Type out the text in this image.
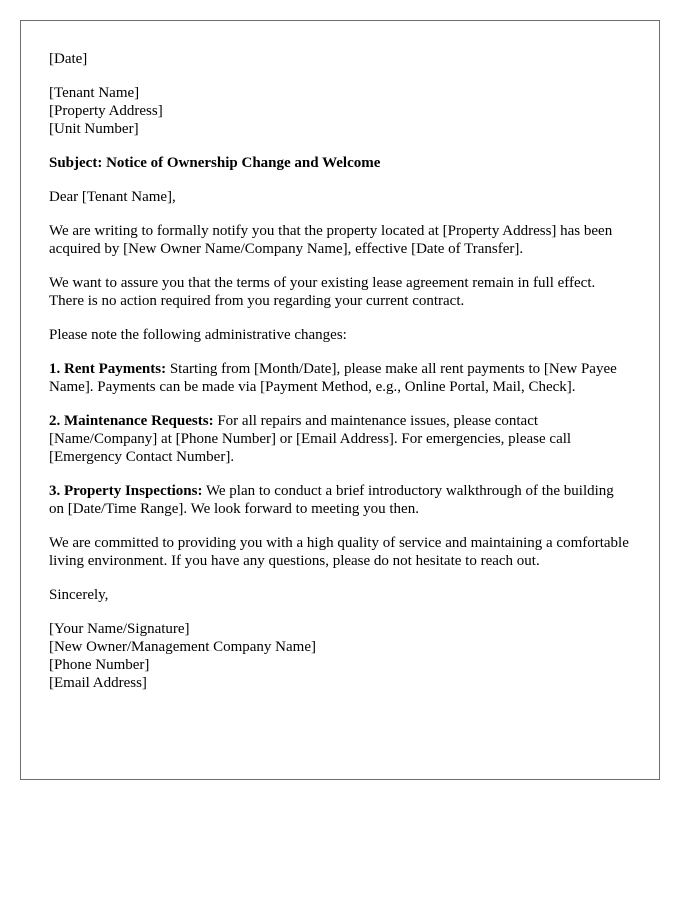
[Date]

[Tenant Name]
[Property Address]
[Unit Number]

Subject: Notice of Ownership Change and Welcome

Dear [Tenant Name],

We are writing to formally notify you that the property located at [Property Address] has been acquired by [New Owner Name/Company Name], effective [Date of Transfer].

We want to assure you that the terms of your existing lease agreement remain in full effect. There is no action required from you regarding your current contract.

Please note the following administrative changes:

1. Rent Payments: Starting from [Month/Date], please make all rent payments to [New Payee Name]. Payments can be made via [Payment Method, e.g., Online Portal, Mail, Check].

2. Maintenance Requests: For all repairs and maintenance issues, please contact [Name/Company] at [Phone Number] or [Email Address]. For emergencies, please call [Emergency Contact Number].

3. Property Inspections: We plan to conduct a brief introductory walkthrough of the building on [Date/Time Range]. We look forward to meeting you then.

We are committed to providing you with a high quality of service and maintaining a comfortable living environment. If you have any questions, please do not hesitate to reach out.

Sincerely,

[Your Name/Signature]
[New Owner/Management Company Name]
[Phone Number]
[Email Address]
